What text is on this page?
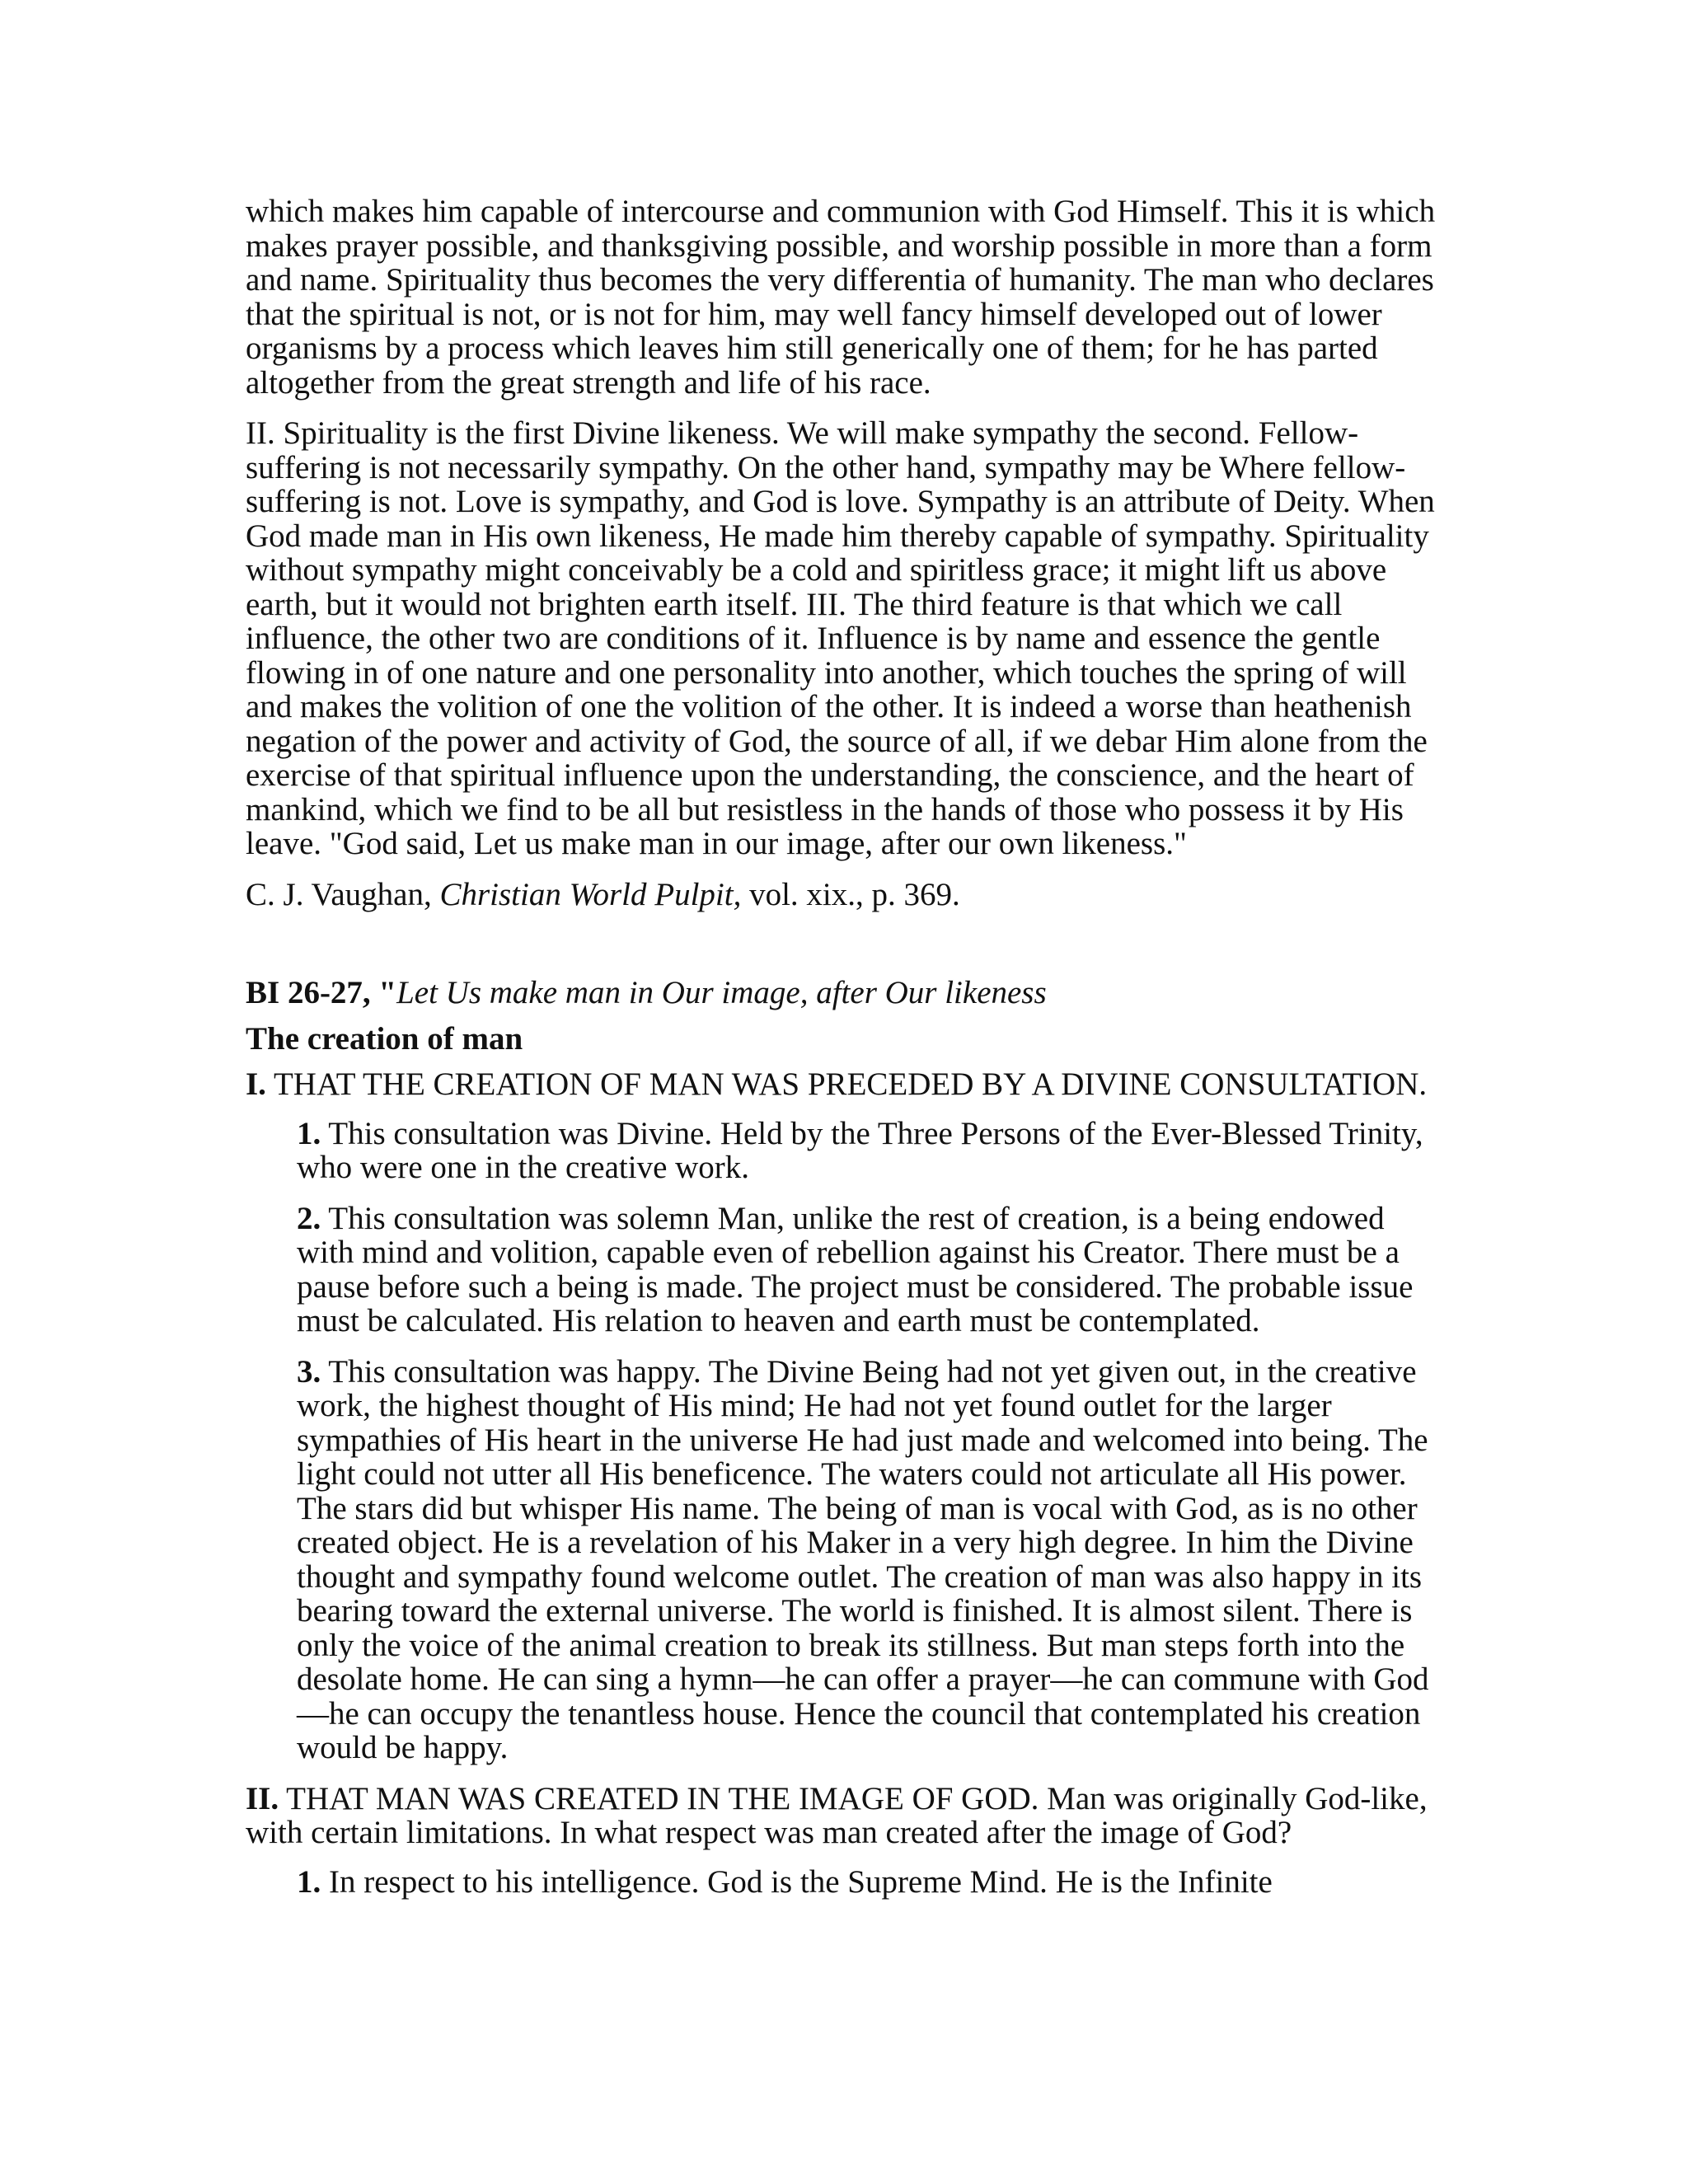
which makes him capable of intercourse and communion with God Himself. This it is which makes prayer possible, and thanksgiving possible, and worship possible in more than a form and name. Spirituality thus becomes the very differentia of humanity. The man who declares that the spiritual is not, or is not for him, may well fancy himself developed out of lower organisms by a process which leaves him still generically one of them; for he has parted altogether from the great strength and life of his race.

II. Spirituality is the first Divine likeness. We will make sympathy the second. Fellow-suffering is not necessarily sympathy. On the other hand, sympathy may be Where fellow-suffering is not. Love is sympathy, and God is love. Sympathy is an attribute of Deity. When God made man in His own likeness, He made him thereby capable of sympathy. Spirituality without sympathy might conceivably be a cold and spiritless grace; it might lift us above earth, but it would not brighten earth itself. III. The third feature is that which we call influence, the other two are conditions of it. Influence is by name and essence the gentle flowing in of one nature and one personality into another, which touches the spring of will and makes the volition of one the volition of the other. It is indeed a worse than heathenish negation of the power and activity of God, the source of all, if we debar Him alone from the exercise of that spiritual influence upon the understanding, the conscience, and the heart of mankind, which we find to be all but resistless in the hands of those who possess it by His leave. "God said, Let us make man in our image, after our own likeness."

C. J. Vaughan, Christian World Pulpit, vol. xix., p. 369.

BI 26-27, "Let Us make man in Our image, after Our likeness

The creation of man

I. THAT THE CREATION OF MAN WAS PRECEDED BY A DIVINE CONSULTATION.

1. This consultation was Divine. Held by the Three Persons of the Ever-Blessed Trinity, who were one in the creative work.

2. This consultation was solemn Man, unlike the rest of creation, is a being endowed with mind and volition, capable even of rebellion against his Creator. There must be a pause before such a being is made. The project must be considered. The probable issue must be calculated. His relation to heaven and earth must be contemplated.

3. This consultation was happy. The Divine Being had not yet given out, in the creative work, the highest thought of His mind; He had not yet found outlet for the larger sympathies of His heart in the universe He had just made and welcomed into being. The light could not utter all His beneficence. The waters could not articulate all His power. The stars did but whisper His name. The being of man is vocal with God, as is no other created object. He is a revelation of his Maker in a very high degree. In him the Divine thought and sympathy found welcome outlet. The creation of man was also happy in its bearing toward the external universe. The world is finished. It is almost silent. There is only the voice of the animal creation to break its stillness. But man steps forth into the desolate home. He can sing a hymn—he can offer a prayer—he can commune with God—he can occupy the tenantless house. Hence the council that contemplated his creation would be happy.

II. THAT MAN WAS CREATED IN THE IMAGE OF GOD. Man was originally God-like, with certain limitations. In what respect was man created after the image of God?

1. In respect to his intelligence. God is the Supreme Mind. He is the Infinite
